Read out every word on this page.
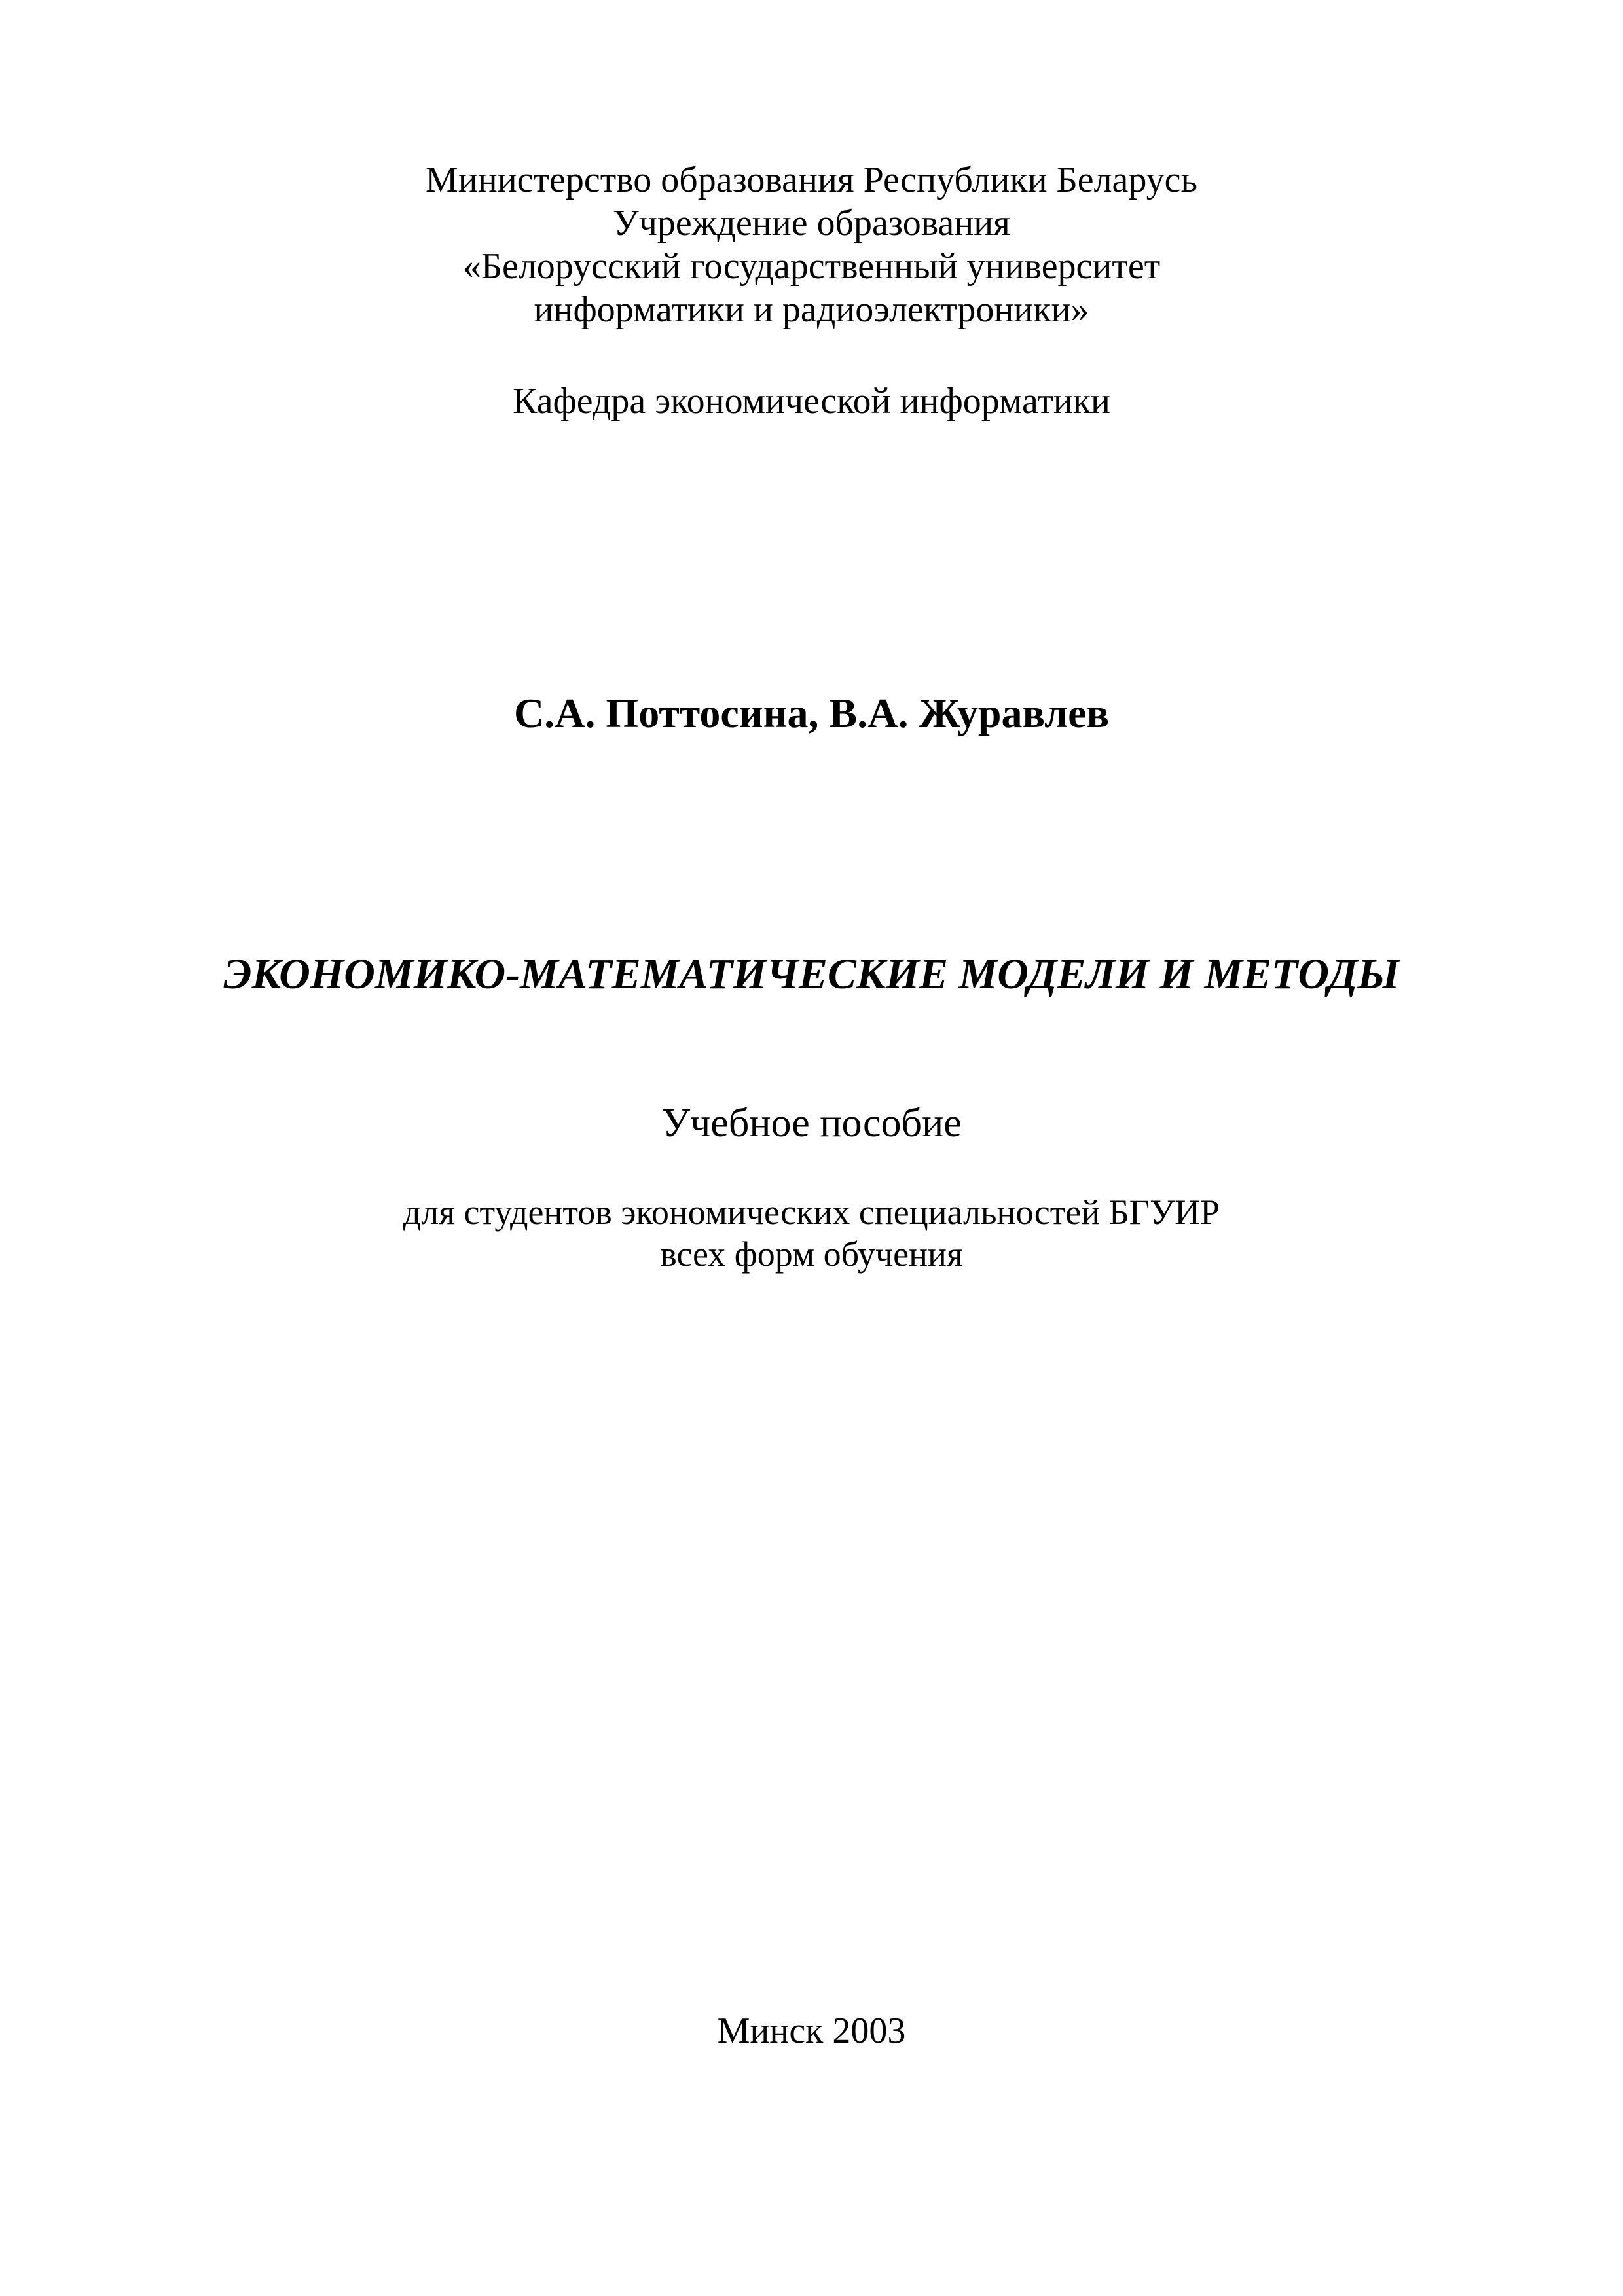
Министерство образования Республики Беларусь
Учреждение образования
«Белорусский государственный университет
информатики и радиоэлектроники»
Кафедра экономической информатики
С.А. Поттосина, В.А. Журавлев
ЭКОНОМИКО-МАТЕМАТИЧЕСКИЕ МОДЕЛИ И МЕТОДЫ
Учебное пособие
для студентов экономических специальностей БГУИР
всех форм обучения
Минск 2003
